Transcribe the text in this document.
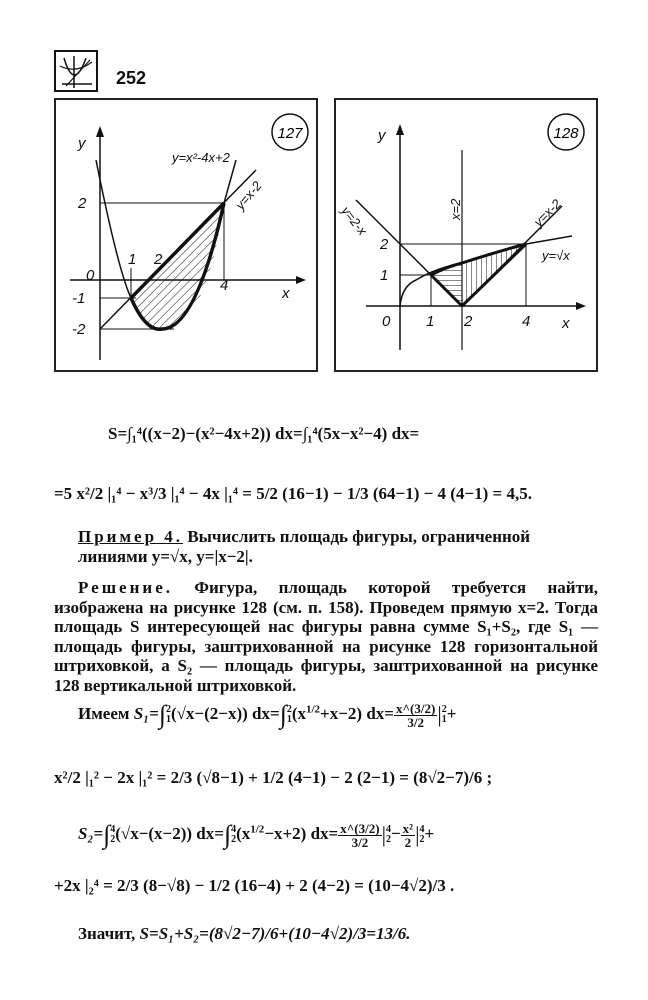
252
127
y
x
0
y=x²-4x+2
y=x-2
1 2
4
2
-1
-2
128
y
x
0
y=2-x	x=2	y=x-2
y=√x
1 2	4
1
2
S=∫₁⁴((x−2)−(x²−4x+2)) dx=∫₁⁴(5x−x²−4) dx=
=5 x²/2 |₁⁴ − x³/3 |₁⁴ − 4x |₁⁴ = 5/2 (16−1) − 1/3 (64−1) − 4 (4−1) = 4,5.
Пример 4. Вычислить площадь фигуры, ограниченной линиями y=√x, y=|x−2|.
Решение. Фигура, площадь которой требуется найти, изображена на рисунке 128 (см. п. 158). Проведем прямую x=2. Тогда площадь S интересующей нас фигуры равна сумме S₁+S₂, где S₁ — площадь фигуры, заштрихованной на рисунке 128 горизонтальной штриховкой, а S₂ — площадь фигуры, заштрихованной на рисунке 128 вертикальной штриховкой.
Имеем S₁=∫ 2
1 (√x−(2−x)) dx=∫ 2
1 $(x^{1/2}+x-2)$ $dx= \frac{x\^{}(3/2)}{3/2}$ | 2
1 +
x²/2 |₁² − 2x |₁² = 2/3 (√8−1) + 1/2 (4−1) − 2 (2−1) = (8√2−7)/6 ;
S₂=∫ 4
2 (√x−(x−2)) dx=∫ 4
2 $(x^{1/2}-x+2)$ $dx= \frac{x\^{}(3/2)}{3/2}$ | 4
$2 - \frac{\text{x²}}{2}$ | 4
2 +
+2x |₂⁴ = 2/3 (8−√8) − 1/2 (16−4) + 2 (4−2) = (10−4√2)/3 .
Значит, S=S₁+S₂=(8√2−7)/6+(10−4√2)/3=13/6.
